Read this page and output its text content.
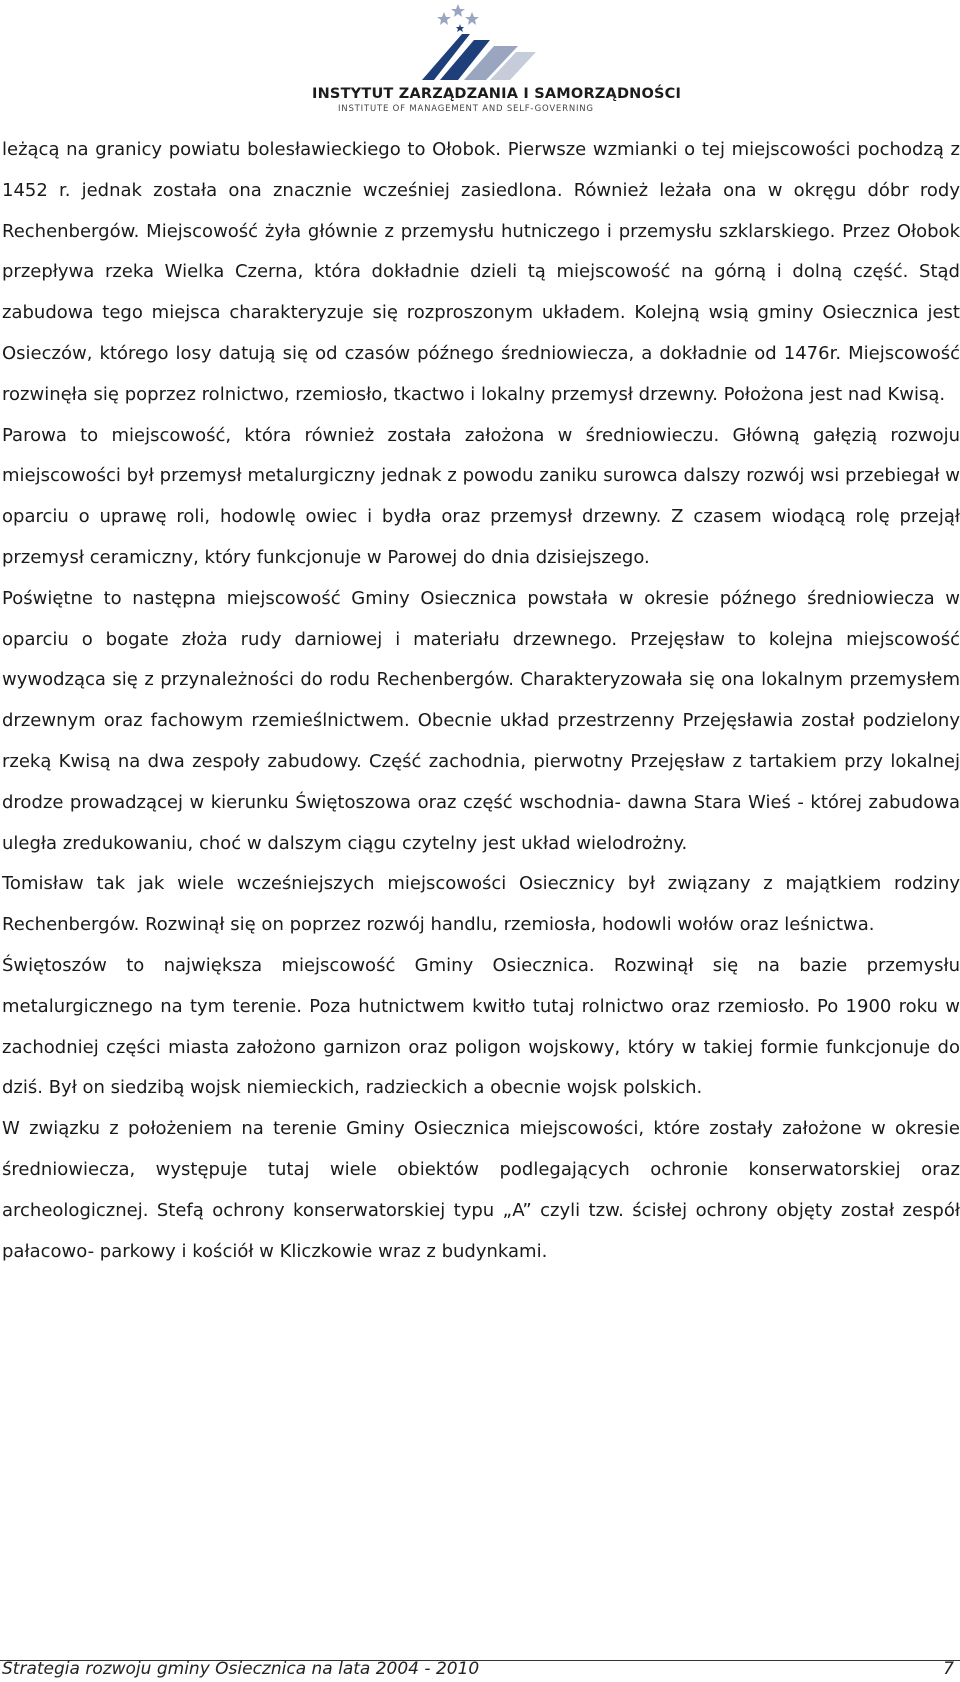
INSTYTUT ZARZĄDZANIA I SAMORZĄDNOŚCI
INSTITUTE OF MANAGEMENT AND SELF-GOVERNING

leżącą na granicy powiatu bolesławieckiego to Ołobok. Pierwsze wzmianki o tej miejscowości pochodzą z 1452 r. jednak została ona znacznie wcześniej zasiedlona. Również leżała ona w okręgu dóbr rody Rechenbergów. Miejscowość żyła głównie z przemysłu hutniczego i przemysłu szklarskiego. Przez Ołobok przepływa rzeka Wielka Czerna, która dokładnie dzieli tą miejscowość na górną i dolną część. Stąd zabudowa tego miejsca charakteryzuje się rozproszonym układem. Kolejną wsią gminy Osiecznica jest Osieczów, którego losy datują się od czasów późnego średniowiecza, a dokładnie od 1476r. Miejscowość rozwinęła się poprzez rolnictwo, rzemiosło, tkactwo i lokalny przemysł drzewny. Położona jest nad Kwisą.

Parowa to miejscowość, która również została założona w średniowieczu. Główną gałęzią rozwoju miejscowości był przemysł metalurgiczny jednak z powodu zaniku surowca dalszy rozwój wsi przebiegał w oparciu o uprawę roli, hodowlę owiec i bydła oraz przemysł drzewny. Z czasem wiodącą rolę przejął przemysł ceramiczny, który funkcjonuje w Parowej do dnia dzisiejszego.

Poświętne to następna miejscowość Gminy Osiecznica powstała w okresie późnego średniowiecza w oparciu o bogate złoża rudy darniowej i materiału drzewnego. Przejęsław to kolejna miejscowość wywodząca się z przynależności do rodu Rechenbergów. Charakteryzowała się ona lokalnym przemysłem drzewnym oraz fachowym rzemieślnictwem. Obecnie układ przestrzenny Przejęsławia został podzielony rzeką Kwisą na dwa zespoły zabudowy. Część zachodnia, pierwotny Przejęsław z tartakiem przy lokalnej drodze prowadzącej w kierunku Świętoszowa oraz część wschodnia- dawna Stara Wieś - której zabudowa uległa zredukowaniu, choć w dalszym ciągu czytelny jest układ wielodrożny.

Tomisław tak jak wiele wcześniejszych miejscowości Osiecznicy był związany z majątkiem rodziny Rechenbergów. Rozwinął się on poprzez rozwój handlu, rzemiosła, hodowli wołów oraz leśnictwa.

Świętoszów to największa miejscowość Gminy Osiecznica. Rozwinął się na bazie przemysłu metalurgicznego na tym terenie. Poza hutnictwem kwitło tutaj rolnictwo oraz rzemiosło. Po 1900 roku w zachodniej części miasta założono garnizon oraz poligon wojskowy, który w takiej formie funkcjonuje do dziś. Był on siedzibą wojsk niemieckich, radzieckich a obecnie wojsk polskich.

W związku z położeniem na terenie Gminy Osiecznica miejscowości, które zostały założone w okresie średniowiecza, występuje tutaj wiele obiektów podlegających ochronie konserwatorskiej oraz archeologicznej. Stefą ochrony konserwatorskiej typu „A” czyli tzw. ścisłej ochrony objęty został zespół pałacowo- parkowy i kościół w Kliczkowie wraz z budynkami.

Strategia rozwoju gminy Osiecznica na lata 2004 - 2010	7
